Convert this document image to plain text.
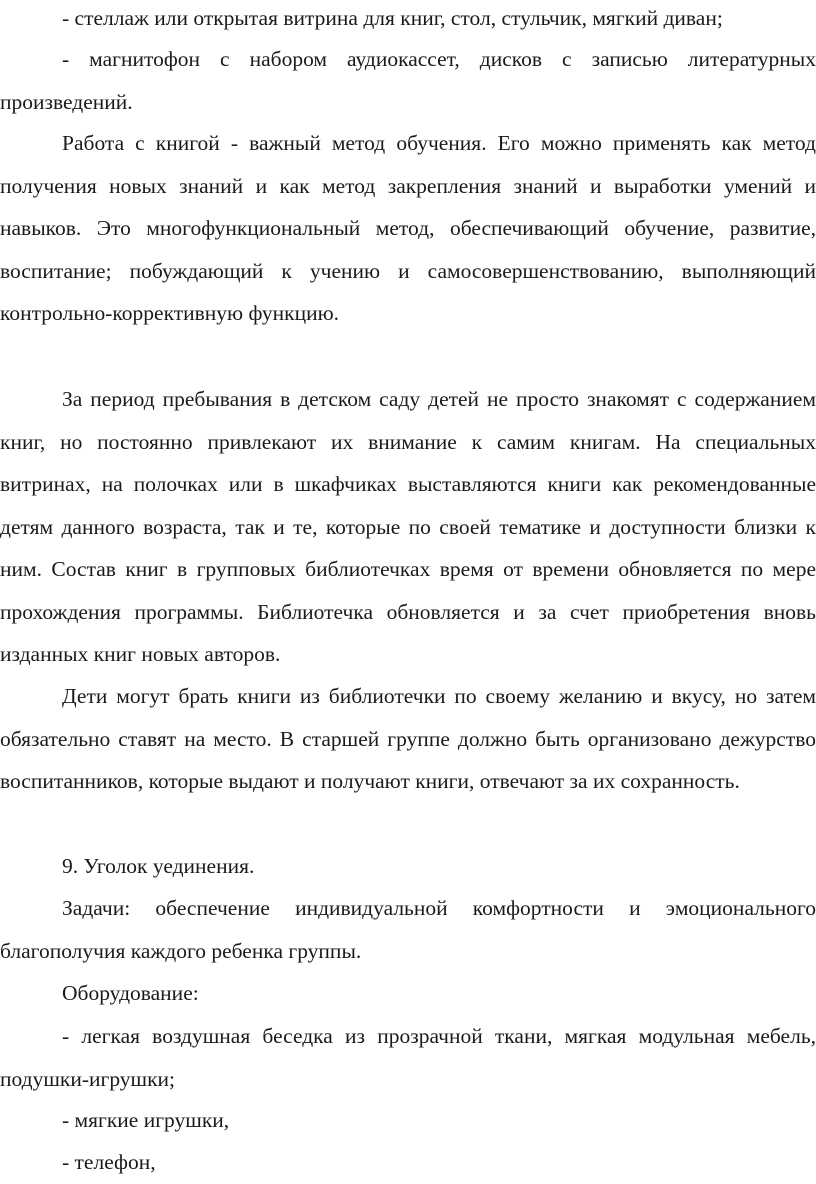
- стеллаж или открытая витрина для книг, стол, стульчик, мягкий диван;

- магнитофон с набором аудиокассет, дисков с записью литературных произведений.

Работа с книгой - важный метод обучения. Его можно применять как метод получения новых знаний и как метод закрепления знаний и выработки умений и навыков. Это многофункциональный метод, обеспечивающий обучение, развитие, воспитание; побуждающий к учению и самосовершенствованию, выполняющий контрольно-коррективную функцию.

За период пребывания в детском саду детей не просто знакомят с содержанием книг, но постоянно привлекают их внимание к самим книгам. На специальных витринах, на полочках или в шкафчиках выставляются книги как рекомендованные детям данного возраста, так и те, которые по своей тематике и доступности близки к ним. Состав книг в групповых библиотечках время от времени обновляется по мере прохождения программы. Библиотечка обновляется и за счет приобретения вновь изданных книг новых авторов.

Дети могут брать книги из библиотечки по своему желанию и вкусу, но затем обязательно ставят на место. В старшей группе должно быть организовано дежурство воспитанников, которые выдают и получают книги, отвечают за их сохранность.

9. Уголок уединения.

Задачи: обеспечение индивидуальной комфортности и эмоционального благополучия каждого ребенка группы.

Оборудование:

- легкая воздушная беседка из прозрачной ткани, мягкая модульная мебель, подушки-игрушки;

- мягкие игрушки,

- телефон,
